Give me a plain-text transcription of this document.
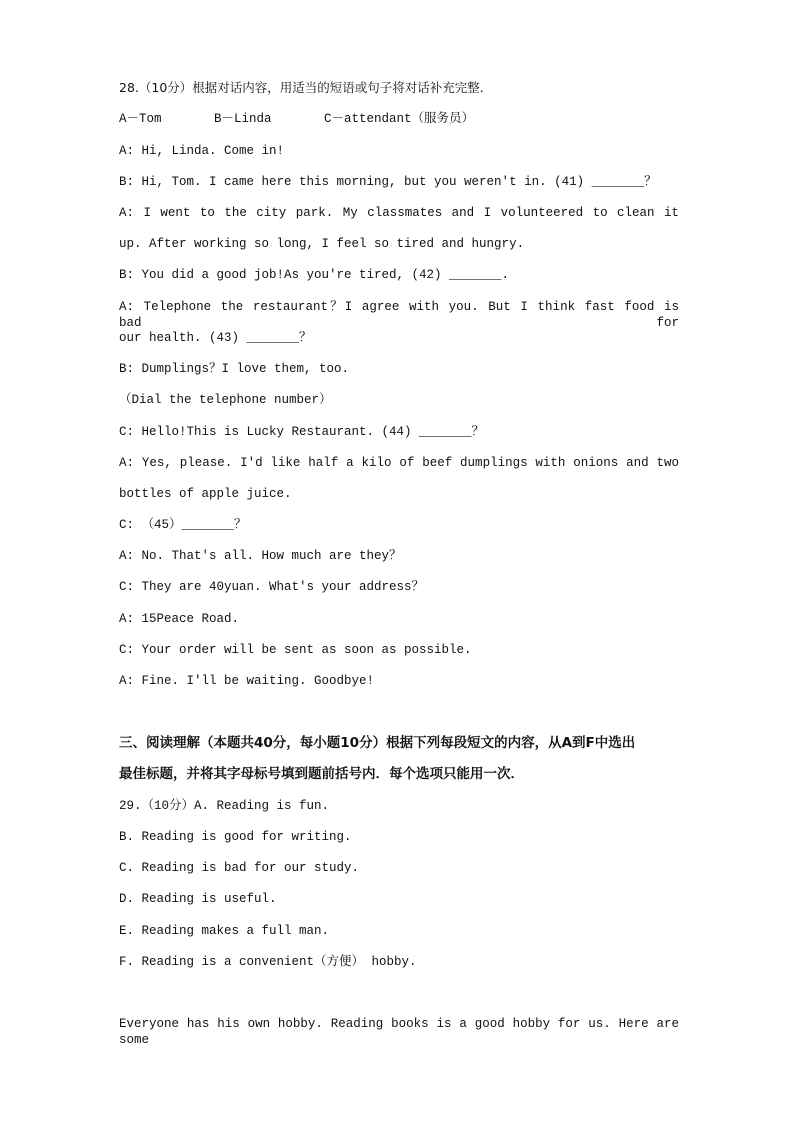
28.（10分）根据对话内容，用适当的短语或句子将对话补充完整．
A－Tom       B－Linda       C－attendant（服务员）
A: Hi, Linda. Come in!
B: Hi, Tom. I came here this morning, but you weren't in. (41) _______？
A: I went to the city park. My classmates and I volunteered to clean it
up. After working so long, I feel so tired and hungry.
B: You did a good job!As you're tired, (42) _______.
A: Telephone the restaurant？I agree with you. But I think fast food is bad for
our health. (43) _______？
B: Dumplings？I love them, too.
（Dial the telephone number）
C: Hello!This is Lucky Restaurant. (44) _______？
A: Yes, please. I'd like half a kilo of beef dumplings with onions and two
bottles of apple juice.
C: （45）_______？
A: No. That's all. How much are they？
C: They are 40yuan. What's your address？
A: 15Peace Road.
C: Your order will be sent as soon as possible.
A: Fine. I'll be waiting. Goodbye!
三、阅读理解（本题共40分，每小题10分）根据下列每段短文的内容，从A到F中选出
最佳标题，并将其字母标号填到题前括号内．每个选项只能用一次．
29.（10分）A. Reading is fun.
B. Reading is good for writing.
C. Reading is bad for our study.
D. Reading is useful.
E. Reading makes a full man.
F. Reading is a convenient（方便） hobby.
Everyone has his own hobby. Reading books is a good hobby for us. Here are some
